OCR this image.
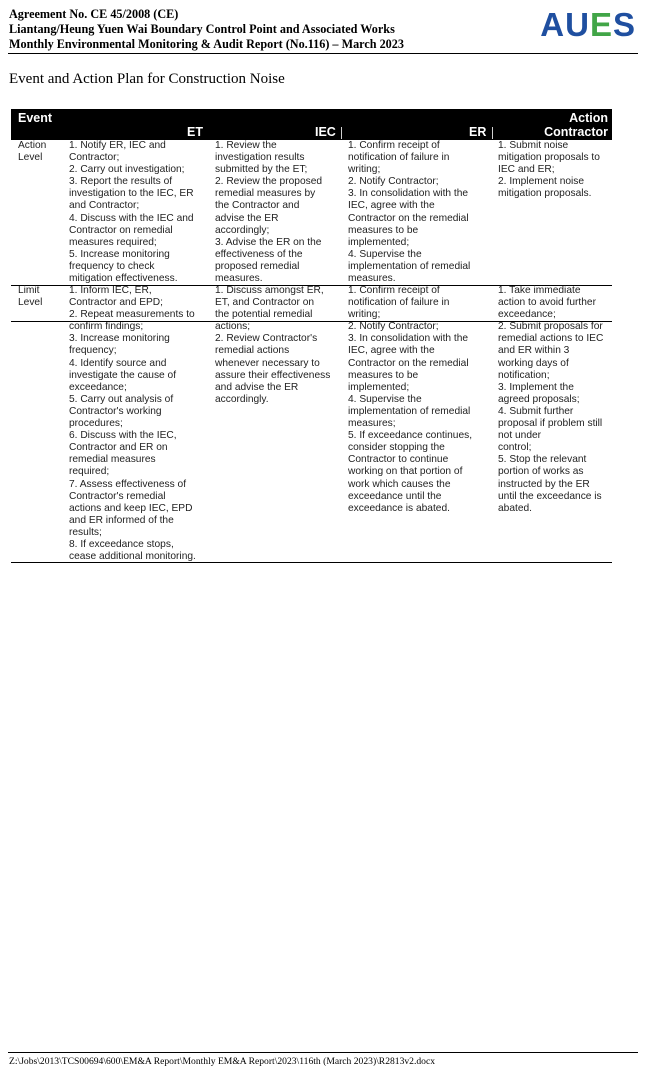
Agreement No. CE 45/2008 (CE)
Liantang/Heung Yuen Wai Boundary Control Point and Associated Works
Monthly Environmental Monitoring & Audit Report (No.116) – March 2023
AUES
Event and Action Plan for Construction Noise
Event
ET	IEC	ER
Action
Contractor
Action
Level
1. Notify ER, IEC and
Contractor;
2. Carry out investigation;
3. Report the results of
investigation to the IEC, ER
and Contractor;
4. Discuss with the IEC and
Contractor on remedial
measures required;
5. Increase monitoring
frequency to check
mitigation effectiveness.
1. Review the
investigation results
submitted by the ET;
2. Review the proposed
remedial measures by
the Contractor and
advise the ER
accordingly;
3. Advise the ER on the
effectiveness of the
proposed remedial
measures.
1. Confirm receipt of
notification of failure in
writing;
2. Notify Contractor;
3. In consolidation with the
IEC, agree with the
Contractor on the remedial
measures to be
implemented;
4. Supervise the
implementation of remedial
measures.
1. Submit noise
mitigation proposals to
IEC and ER;
2. Implement noise
mitigation proposals.
Limit
Level
1. Inform IEC, ER,
Contractor and EPD;
2. Repeat measurements to
confirm findings;
3. Increase monitoring
frequency;
4. Identify source and
investigate the cause of
exceedance;
5. Carry out analysis of
Contractor's working
procedures;
6. Discuss with the IEC,
Contractor and ER on
remedial measures
required;
7. Assess effectiveness of
Contractor's remedial
actions and keep IEC, EPD
and ER informed of the
results;
8. If exceedance stops,
cease additional monitoring.
1. Discuss amongst ER,
ET, and Contractor on
the potential remedial
actions;
2. Review Contractor's
remedial actions
whenever necessary to
assure their effectiveness
and advise the ER
accordingly.
1. Confirm receipt of
notification of failure in
writing;
2. Notify Contractor;
3. In consolidation with the
IEC, agree with the
Contractor on the remedial
measures to be
implemented;
4. Supervise the
implementation of remedial
measures;
5. If exceedance continues,
consider stopping the
Contractor to continue
working on that portion of
work which causes the
exceedance until the
exceedance is abated.
1. Take immediate
action to avoid further
exceedance;
2. Submit proposals for
remedial actions to IEC
and ER within 3
working days of
notification;
3. Implement the
agreed proposals;
4. Submit further
proposal if problem still
not under
control;
5. Stop the relevant
portion of works as
instructed by the ER
until the exceedance is
abated.
Z:\Jobs\2013\TCS00694\600\EM&A Report\Monthly EM&A Report\2023\116th (March 2023)\R2813v2.docx
